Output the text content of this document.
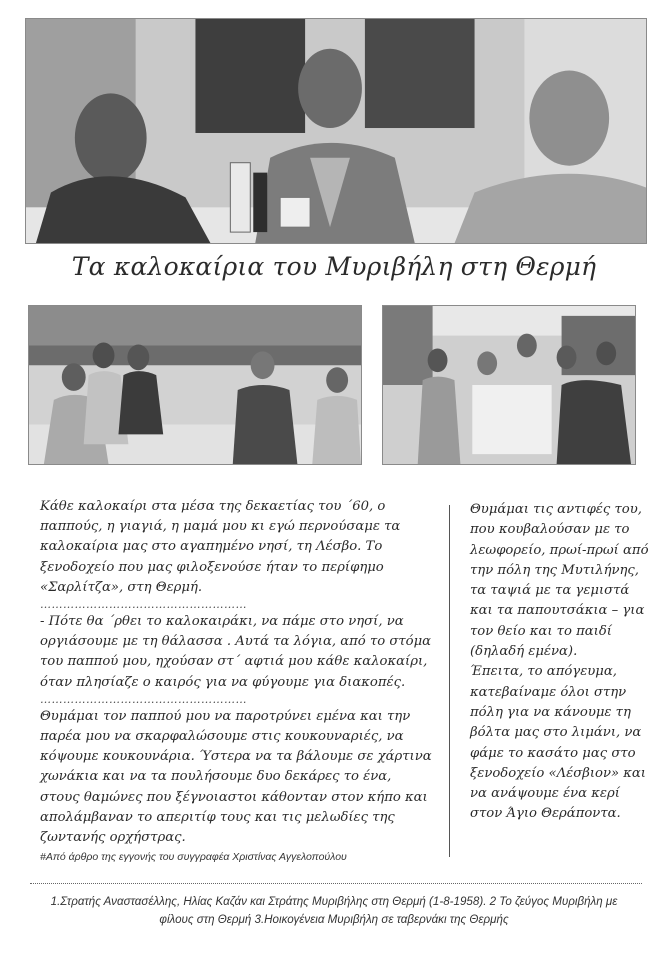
Τα καλοκαίρια του Μυριβήλη στη Θερμή

Κάθε καλοκαίρι στα μέσα της δεκαετίας του ΄60, ο παππούς, η γιαγιά, η μαμά μου κι εγώ περνούσαμε τα καλοκαίρια μας στο αγαπημένο νησί, τη Λέσβο. Το ξενοδοχείο που μας φιλοξενούσε ήταν το περίφημο «Σαρλίτζα», στη Θερμή.

………………………………………………

- Πότε θα ΄ρθει το καλοκαιράκι, να πάμε στο νησί, να οργιάσουμε με τη θάλασσα . Αυτά τα λόγια, από το στόμα του παππού μου, ηχούσαν στ΄ αφτιά μου κάθε καλοκαίρι, όταν πλησίαζε ο καιρός για να φύγουμε για διακοπές.

………………………………………………

Θυμάμαι τον παππού μου να παροτρύνει εμένα και την παρέα μου να σκαρφαλώσουμε στις κουκουναριές, να κόψουμε κουκουνάρια. Ύστερα να τα βάλουμε σε χάρτινα χωνάκια και να τα πουλήσουμε δυο δεκάρες το ένα, στους θαμώνες που ξέγνοιαστοι κάθονταν στον κήπο και απολάμβαναν το απεριτίφ τους και τις μελωδίες της ζωντανής ορχήστρας.

#Από άρθρο της εγγονής του συγγραφέα Χριστίνας Αγγελοπούλου

Θυμάμαι τις αντιφές του, που κουβαλούσαν με το λεωφορείο, πρωί-πρωί από την πόλη της Μυτιλήνης, τα ταψιά με τα γεμιστά και τα παπουτσάκια – για τον θείο και το παιδί (δηλαδή εμένα).

Έπειτα, το απόγευμα, κατεβαίναμε όλοι στην πόλη για να κάνουμε τη βόλτα μας στο λιμάνι, να φάμε το κασάτο μας στο ξενοδοχείο «Λέσβιον» και να ανάψουμε ένα κερί στον Άγιο Θεράποντα.

1.Στρατής Αναστασέλλης, Ηλίας Καζάν και Στράτης Μυριβήλης στη Θερμή (1-8-1958). 2 Το ζεύγος Μυριβήλη με φίλους στη Θερμή 3.Ηοικογένεια Μυριβήλη σε ταβερνάκι της Θερμής
